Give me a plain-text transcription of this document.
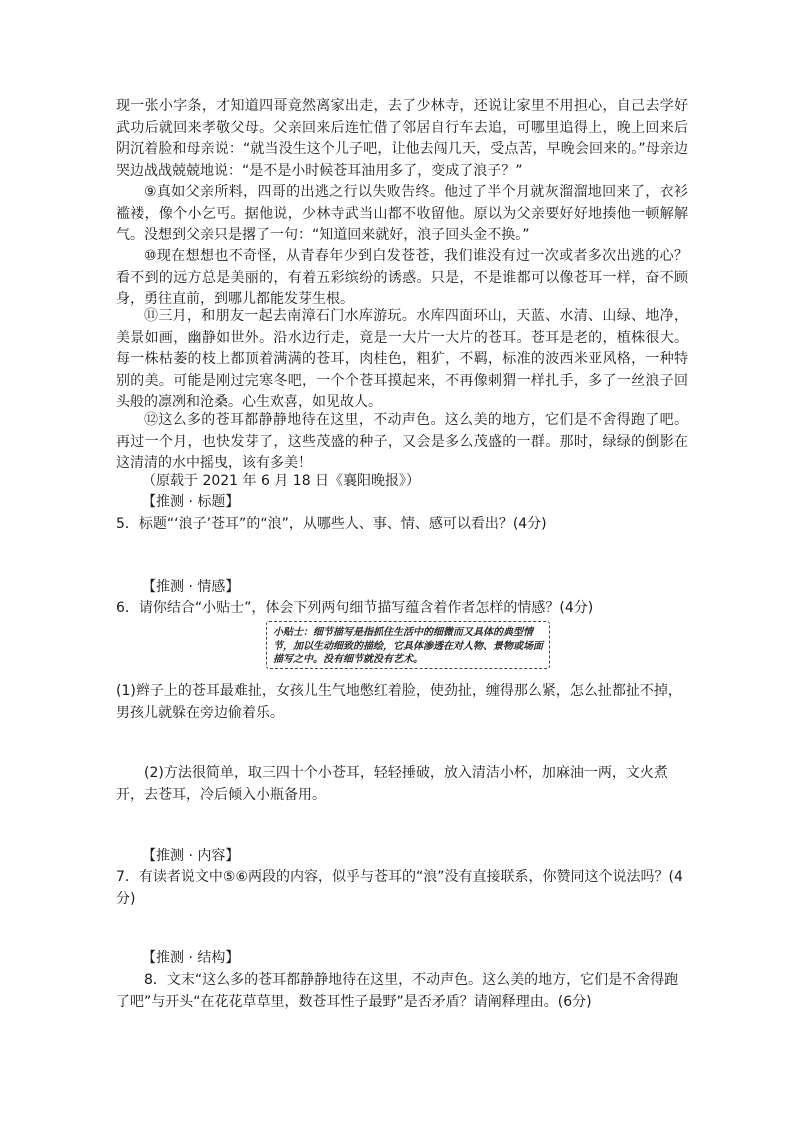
现一张小字条，才知道四哥竟然离家出走，去了少林寺，还说让家里不用担心，自己去学好武功后就回来孝敬父母。父亲回来后连忙借了邻居自行车去追，可哪里追得上，晚上回来后阴沉着脸和母亲说：“就当没生这个儿子吧，让他去闯几天，受点苦，早晚会回来的。”母亲边哭边战战兢兢地说：“是不是小时候苍耳油用多了，变成了浪子？”

⑨真如父亲所料，四哥的出逃之行以失败告终。他过了半个月就灰溜溜地回来了，衣衫褴褛，像个小乞丐。据他说，少林寺武当山都不收留他。原以为父亲要好好地揍他一顿解解气。没想到父亲只是撂了一句：“知道回来就好，浪子回头金不换。”

⑩现在想想也不奇怪，从青春年少到白发苍苍，我们谁没有过一次或者多次出逃的心？看不到的远方总是美丽的，有着五彩缤纷的诱惑。只是，不是谁都可以像苍耳一样，奋不顾身，勇往直前，到哪儿都能发芽生根。

⑪三月，和朋友一起去南漳石门水库游玩。水库四面环山，天蓝、水清、山绿、地净，美景如画，幽静如世外。沿水边行走，竟是一大片一大片的苍耳。苍耳是老的，植株很大。每一株枯萎的枝上都顶着满满的苍耳，肉桂色，粗犷，不羁，标准的波西米亚风格，一种特别的美。可能是刚过完寒冬吧，一个个苍耳摸起来，不再像刺猬一样扎手，多了一丝浪子回头般的凛冽和沧桑。心生欢喜，如见故人。

⑫这么多的苍耳都静静地待在这里，不动声色。这么美的地方，它们是不舍得跑了吧。再过一个月，也快发芽了，这些茂盛的种子，又会是多么茂盛的一群。那时，绿绿的倒影在这清清的水中摇曳，该有多美！

（原载于 2021 年 6 月 18 日《襄阳晚报》）

【推测 · 标题】

5．标题“‘浪子’苍耳”的“浪”，从哪些人、事、情、感可以看出？(4分)

【推测 · 情感】

6．请你结合“小贴士”，体会下列两句细节描写蕴含着作者怎样的情感？(4分)

小贴士：细节描写是指抓住生活中的细微而又具体的典型情节，加以生动细致的描绘，它具体渗透在对人物、景物或场面描写之中。没有细节就没有艺术。

(1)辫子上的苍耳最难扯，女孩儿生气地憋红着脸，使劲扯，缠得那么紧，怎么扯都扯不掉，男孩儿就躲在旁边偷着乐。

(2)方法很简单，取三四十个小苍耳，轻轻捶破，放入清洁小杯，加麻油一两，文火煮开，去苍耳，冷后倾入小瓶备用。

【推测 · 内容】

7．有读者说文中⑤⑥两段的内容，似乎与苍耳的“浪”没有直接联系，你赞同这个说法吗？(4分)

【推测 · 结构】

8．文末“这么多的苍耳都静静地待在这里，不动声色。这么美的地方，它们是不舍得跑了吧”与开头“在花花草草里，数苍耳性子最野”是否矛盾？请阐释理由。(6分)
